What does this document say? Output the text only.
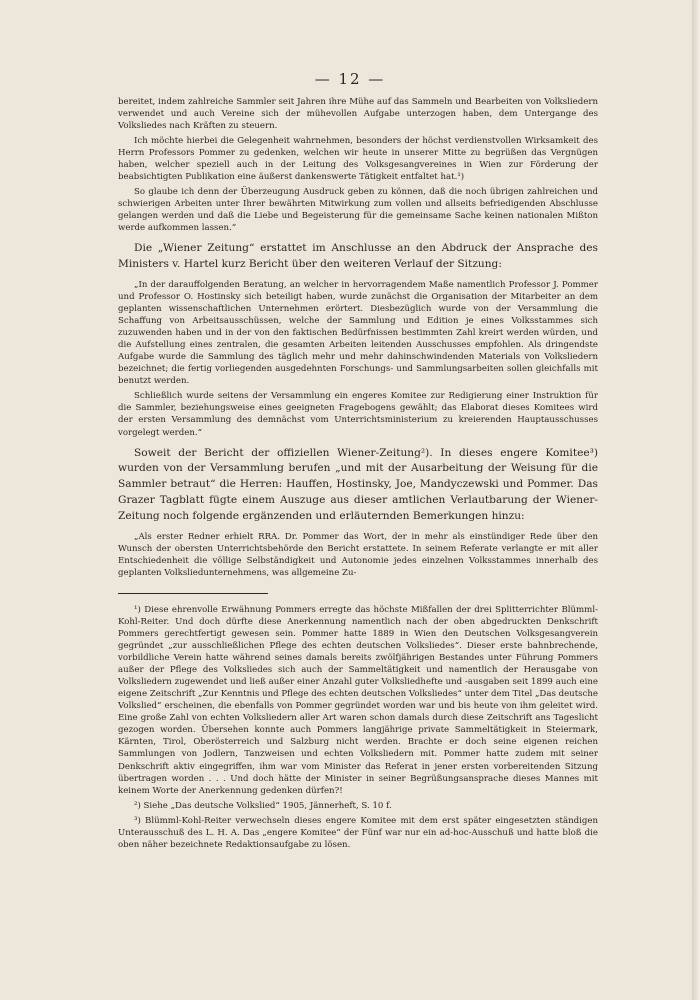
— 12 —

bereitet, indem zahlreiche Sammler seit Jahren ihre Mühe auf das Sammeln und Bearbeiten von Volksliedern verwendet und auch Vereine sich der mühevollen Aufgabe unterzogen haben, dem Untergange des Volksliedes nach Kräften zu steuern.

Ich möchte hierbei die Gelegenheit wahrnehmen, besonders der höchst verdienstvollen Wirksamkeit des Herrn Professors Pommer zu gedenken, welchen wir heute in unserer Mitte zu begrüßen das Vergnügen haben, welcher speziell auch in der Leitung des Volksgesangvereines in Wien zur Förderung der beabsichtigten Publikation eine äußerst dankenswerte Tätigkeit entfaltet hat.¹)

So glaube ich denn der Überzeugung Ausdruck geben zu können, daß die noch übrigen zahlreichen und schwierigen Arbeiten unter Ihrer bewährten Mitwirkung zum vollen und allseits befriedigenden Abschlusse gelangen werden und daß die Liebe und Begeisterung für die gemeinsame Sache keinen nationalen Mißton werde aufkommen lassen.“

Die „Wiener Zeitung“ erstattet im Anschlusse an den Abdruck der Ansprache des Ministers v. Hartel kurz Bericht über den weiteren Verlauf der Sitzung:

„In der darauffolgenden Beratung, an welcher in hervorragendem Maße namentlich Professor J. Pommer und Professor O. Hostinsky sich beteiligt haben, wurde zunächst die Organisation der Mitarbeiter an dem geplanten wissenschaftlichen Unternehmen erörtert. Diesbezüglich wurde von der Versammlung die Schaffung von Arbeitsausschüssen, welche der Sammlung und Edition je eines Volksstammes sich zuzuwenden haben und in der von den faktischen Bedürfnissen bestimmten Zahl kreirt werden würden, und die Aufstellung eines zentralen, die gesamten Arbeiten leitenden Ausschusses empfohlen. Als dringendste Aufgabe wurde die Sammlung des täglich mehr und mehr dahinschwindenden Materials von Volksliedern bezeichnet; die fertig vorliegenden ausgedehnten Forschungs- und Sammlungsarbeiten sollen gleichfalls mit benutzt werden.

Schließlich wurde seitens der Versammlung ein engeres Komitee zur Redigierung einer Instruktion für die Sammler, beziehungsweise eines geeigneten Fragebogens gewählt; das Elaborat dieses Komitees wird der ersten Versammlung des demnächst vom Unterrichtsministerium zu kreierenden Hauptausschusses vorgelegt werden.“

Soweit der Bericht der offiziellen Wiener-Zeitung²). In dieses engere Komitee³) wurden von der Versammlung berufen „und mit der Ausarbeitung der Weisung für die Sammler betraut“ die Herren: Hauffen, Hostinsky, Joe, Mandyczewski und Pommer. Das Grazer Tagblatt fügte einem Auszuge aus dieser amtlichen Verlautbarung der Wiener-Zeitung noch folgende ergänzenden und erläuternden Bemerkungen hinzu:

„Als erster Redner erhielt RRA. Dr. Pommer das Wort, der in mehr als einstündiger Rede über den Wunsch der obersten Unterrichtsbehörde den Bericht erstattete. In seinem Referate verlangte er mit aller Entschiedenheit die völlige Selbständigkeit und Autonomie jedes einzelnen Volksstammes innerhalb des geplanten Volksliedunternehmens, was allgemeine Zu-

¹) Diese ehrenvolle Erwähnung Pommers erregte das höchste Mißfallen der drei Splitterrichter Blümml-Kohl-Reiter. Und doch dürfte diese Anerkennung namentlich nach der oben abgedruckten Denkschrift Pommers gerechtfertigt gewesen sein. Pommer hatte 1889 in Wien den Deutschen Volksgesangverein gegründet „zur ausschließlichen Pflege des echten deutschen Volksliedes“. Dieser erste bahnbrechende, vorbildliche Verein hatte während seines damals bereits zwölfjährigen Bestandes unter Führung Pommers außer der Pflege des Volksliedes sich auch der Sammeltätigkeit und namentlich der Herausgabe von Volksliedern zugewendet und ließ außer einer Anzahl guter Volksliedhefte und -ausgaben seit 1899 auch eine eigene Zeitschrift „Zur Kenntnis und Pflege des echten deutschen Volksliedes“ unter dem Titel „Das deutsche Volkslied“ erscheinen, die ebenfalls von Pommer gegründet worden war und bis heute von ihm geleitet wird. Eine große Zahl von echten Volksliedern aller Art waren schon damals durch diese Zeitschrift ans Tageslicht gezogen worden. Übersehen konnte auch Pommers langjährige private Sammeltätigkeit in Steiermark, Kärnten, Tirol, Oberösterreich und Salzburg nicht werden. Brachte er doch seine eigenen reichen Sammlungen von Jodlern, Tanzweisen und echten Volksliedern mit. Pommer hatte zudem mit seiner Denkschrift aktiv eingegriffen, ihm war vom Minister das Referat in jener ersten vorbereitenden Sitzung übertragen worden . . . Und doch hätte der Minister in seiner Begrüßungsansprache dieses Mannes mit keinem Worte der Anerkennung gedenken dürfen?!

²) Siehe „Das deutsche Volkslied“ 1905, Jännerheft, S. 10 f.

³) Blümml-Kohl-Reiter verwechseln dieses engere Komitee mit dem erst später eingesetzten ständigen Unterausschuß des L. H. A. Das „engere Komitee“ der Fünf war nur ein ad-hoc-Ausschuß und hatte bloß die oben näher bezeichnete Redaktionsaufgabe zu lösen.
